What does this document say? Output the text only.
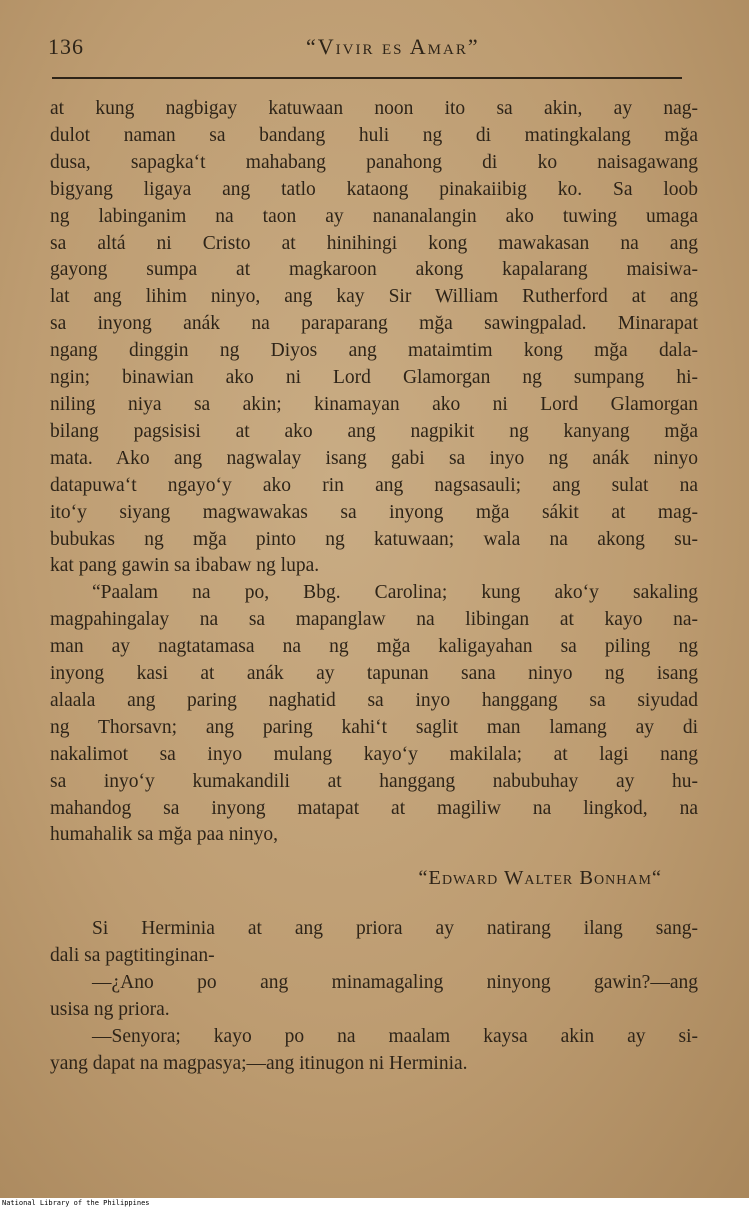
136	“Vivir es Amar”
at kung nagbigay katuwaan noon ito sa akin, ay nag-
dulot naman sa bandang huli ng di matingkalang mğa
dusa, sapagka‘t mahabang panahong di ko naisagawang
bigyang ligaya ang tatlo kataong pinakaiibig ko. Sa loob
ng labinganim na taon ay nananalangin ako tuwing umaga
sa altá ni Cristo at hinihingi kong mawakasan na ang
gayong sumpa at magkaroon akong kapalarang maisiwa-
lat ang lihim ninyo, ang kay Sir William Rutherford at ang
sa inyong anák na paraparang mğa sawingpalad. Minarapat
ngang dinggin ng Diyos ang mataimtim kong mğa dala-
ngin; binawian ako ni Lord Glamorgan ng sumpang hi-
niling niya sa akin; kinamayan ako ni Lord Glamorgan
bilang pagsisisi at ako ang nagpikit ng kanyang mğa
mata. Ako ang nagwalay isang gabi sa inyo ng anák ninyo
datapuwa‘t ngayo‘y ako rin ang nagsasauli; ang sulat na
ito‘y siyang magwawakas sa inyong mğa sákit at mag-
bubukas ng mğa pinto ng katuwaan; wala na akong su-
kat pang gawin sa ibabaw ng lupa.
“Paalam na po, Bbg. Carolina; kung ako‘y sakaling
magpahingalay na sa mapanglaw na libingan at kayo na-
man ay nagtatamasa na ng mğa kaligayahan sa piling ng
inyong kasi at anák ay tapunan sana ninyo ng isang
alaala ang paring naghatid sa inyo hanggang sa siyudad
ng Thorsavn; ang paring kahi‘t saglit man lamang ay di
nakalimot sa inyo mulang kayo‘y makilala; at lagi nang
sa inyo‘y kumakandili at hanggang nabubuhay ay hu-
mahandog sa inyong matapat at magiliw na lingkod, na
humahalik sa mğa paa ninyo,
“Edward Walter Bonham“
Si Herminia at ang priora ay natirang ilang sang-
dali sa pagtitinginan-
—¿Ano po ang minamagaling ninyong gawin?—ang
usisa ng priora.
—Senyora; kayo po na maalam kaysa akin ay si-
yang dapat na magpasya;—ang itinugon ni Herminia.
National Library of the Philippines
